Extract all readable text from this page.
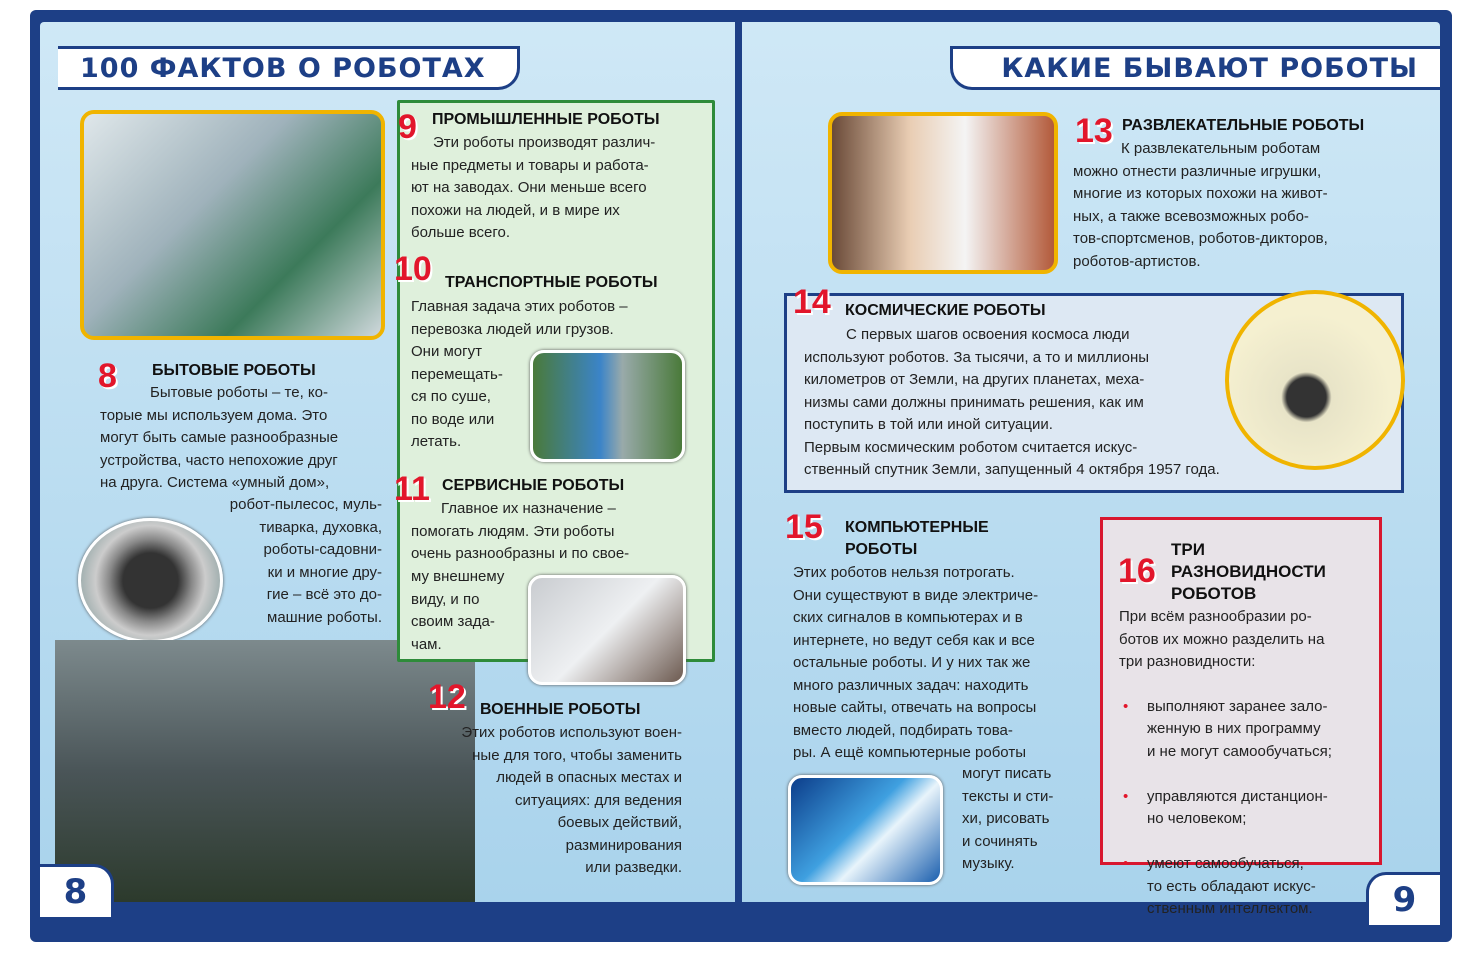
100 ФАКТОВ О РОБОТАХ
8 БЫТОВЫЕ РОБОТЫ
Бытовые роботы – те, ко-
торые мы используем дома. Это
могут быть самые разнообразные
устройства, часто непохожие друг
на друга. Система «умный дом»,
робот-пылесос, муль-
тиварка, духовка,
роботы-садовни-
ки и многие дру-
гие – всё это до-
машние роботы.
9 ПРОМЫШЛЕННЫЕ РОБОТЫ
Эти роботы производят различ-
ные предметы и товары и работа-
ют на заводах. Они меньше всего
похожи на людей, и в мире их
больше всего.
10 ТРАНСПОРТНЫЕ РОБОТЫ
Главная задача этих роботов –
перевозка людей или грузов.
Они могут
перемещать-
ся по суше,
по воде или
летать.
11 СЕРВИСНЫЕ РОБОТЫ
Главное их назначение –
помогать людям. Эти роботы
очень разнообразны и по свое-
му внешнему
виду, и по
своим зада-
чам.
12 ВОЕННЫЕ РОБОТЫ
Этих роботов используют воен-
ные для того, чтобы заменить
людей в опасных местах и
ситуациях: для ведения
боевых действий,
разминирования
или разведки.
8
КАКИЕ БЫВАЮТ РОБОТЫ
13 РАЗВЛЕКАТЕЛЬНЫЕ РОБОТЫ
К развлекательным роботам
можно отнести различные игрушки,
многие из которых похожи на живот-
ных, а также всевозможных робо-
тов-спортсменов, роботов-дикторов,
роботов-артистов.
14 КОСМИЧЕСКИЕ РОБОТЫ
С первых шагов освоения космоса люди
используют роботов. За тысячи, а то и миллионы
километров от Земли, на других планетах, меха-
низмы сами должны принимать решения, как им
поступить в той или иной ситуации.
Первым космическим роботом считается искус-
ственный спутник Земли, запущенный 4 октября 1957 года.
15 КОМПЬЮТЕРНЫЕ
РОБОТЫ
Этих роботов нельзя потрогать.
Они существуют в виде электриче-
ских сигналов в компьютерах и в
интернете, но ведут себя как и все
остальные роботы. И у них так же
много различных задач: находить
новые сайты, отвечать на вопросы
вместо людей, подбирать това-
ры. А ещё компьютерные роботы
могут писать
тексты и сти-
хи, рисовать
и сочинять
музыку.
16
ТРИ
РАЗНОВИДНОСТИ
РОБОТОВ
При всём разнообразии ро-
ботов их можно разделить на
три разновидности:

• выполняют заранее зало-
женную в них программу
и не могут самообучаться;

• управляются дистанцион-
но человеком;

• умеют самообучаться,
то есть обладают искус-
ственным интеллектом.	9
